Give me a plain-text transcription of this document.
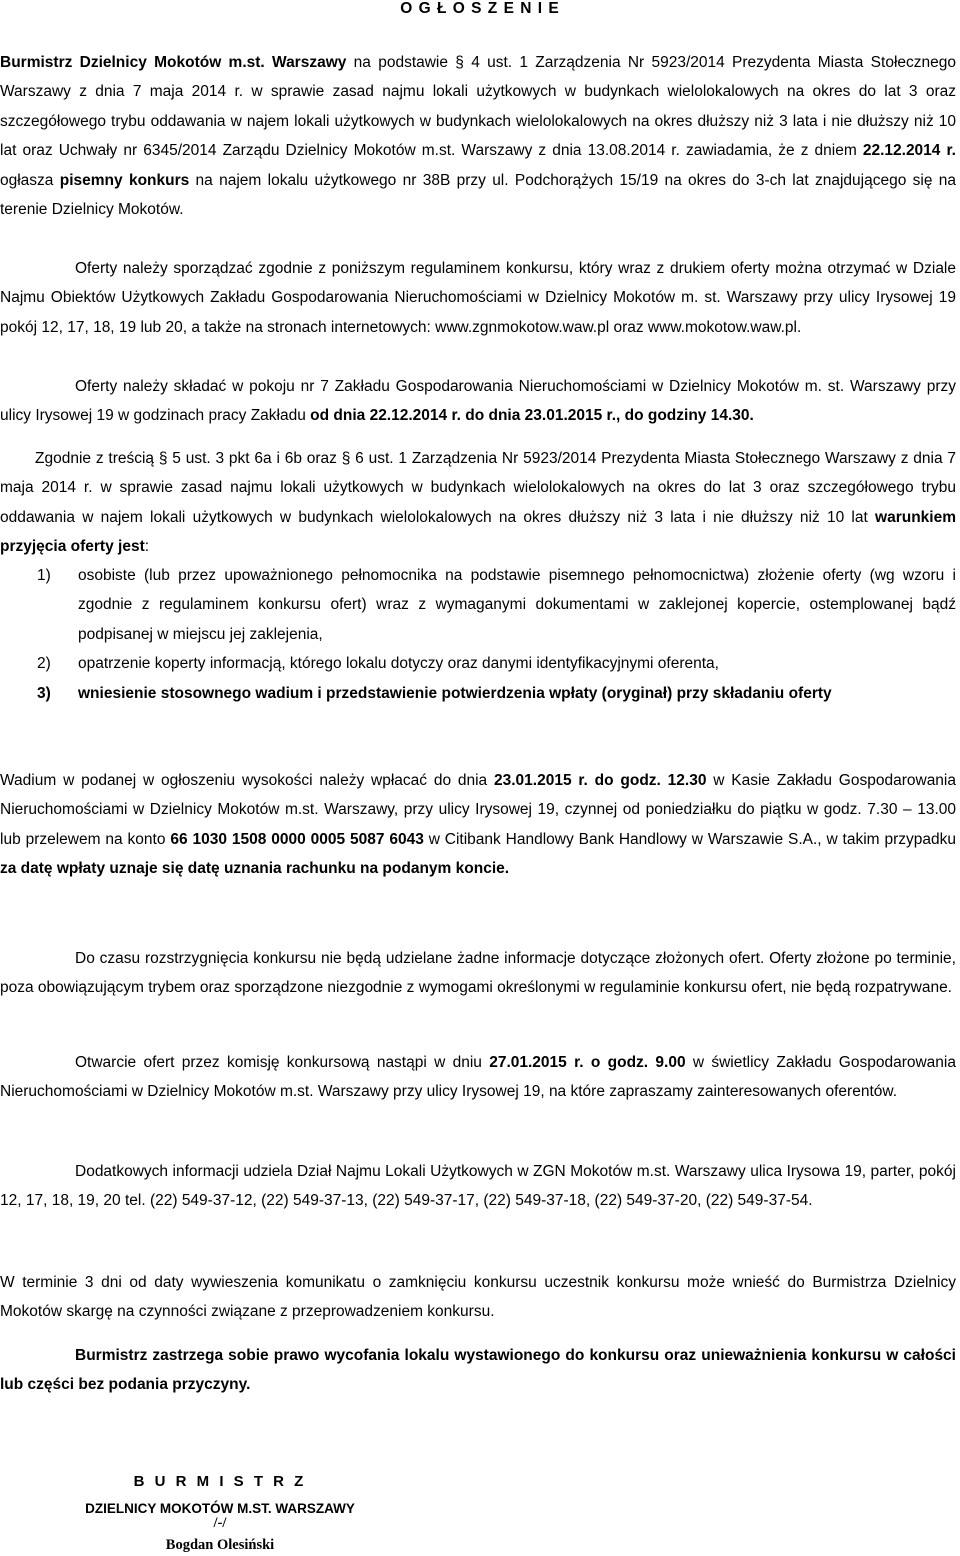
O G Ł O S Z E N I E

Burmistrz Dzielnicy Mokotów m.st. Warszawy na podstawie § 4 ust. 1 Zarządzenia Nr 5923/2014 Prezydenta Miasta Stołecznego Warszawy z dnia 7 maja 2014 r. w sprawie zasad najmu lokali użytkowych w budynkach wielolokalowych na okres do lat 3 oraz szczegółowego trybu oddawania w najem lokali użytkowych w budynkach wielolokalowych na okres dłuższy niż 3 lata i nie dłuższy niż 10 lat oraz Uchwały nr 6345/2014 Zarządu Dzielnicy Mokotów m.st. Warszawy z dnia 13.08.2014 r. zawiadamia, że z dniem 22.12.2014 r. ogłasza pisemny konkurs na najem lokalu użytkowego nr 38B przy ul. Podchorążych 15/19 na okres do 3-ch lat znajdującego się na terenie Dzielnicy Mokotów.

Oferty należy sporządzać zgodnie z poniższym regulaminem konkursu, który wraz z drukiem oferty można otrzymać w Dziale Najmu Obiektów Użytkowych Zakładu Gospodarowania Nieruchomościami w Dzielnicy Mokotów m. st. Warszawy przy ulicy Irysowej 19 pokój 12, 17, 18, 19 lub 20, a także na stronach internetowych: www.zgnmokotow.waw.pl oraz www.mokotow.waw.pl.

Oferty należy składać w pokoju nr 7 Zakładu Gospodarowania Nieruchomościami w Dzielnicy Mokotów m. st. Warszawy przy ulicy Irysowej 19 w godzinach pracy Zakładu od dnia 22.12.2014 r. do dnia 23.01.2015 r., do godziny 14.30.

Zgodnie z treścią § 5 ust. 3 pkt 6a i 6b oraz § 6 ust. 1 Zarządzenia Nr 5923/2014 Prezydenta Miasta Stołecznego Warszawy z dnia 7 maja 2014 r. w sprawie zasad najmu lokali użytkowych w budynkach wielolokalowych na okres do lat 3 oraz szczegółowego trybu oddawania w najem lokali użytkowych w budynkach wielolokalowych na okres dłuższy niż 3 lata i nie dłuższy niż 10 lat warunkiem przyjęcia oferty jest:

1) osobiste (lub przez upoważnionego pełnomocnika na podstawie pisemnego pełnomocnictwa) złożenie oferty (wg wzoru i zgodnie z regulaminem konkursu ofert) wraz z wymaganymi dokumentami w zaklejonej kopercie, ostemplowanej bądź podpisanej w miejscu jej zaklejenia,
2) opatrzenie koperty informacją, którego lokalu dotyczy oraz danymi identyfikacyjnymi oferenta,
3) wniesienie stosownego wadium i przedstawienie potwierdzenia wpłaty (oryginał) przy składaniu oferty

Wadium w podanej w ogłoszeniu wysokości należy wpłacać do dnia 23.01.2015 r. do godz. 12.30 w Kasie Zakładu Gospodarowania Nieruchomościami w Dzielnicy Mokotów m.st. Warszawy, przy ulicy Irysowej 19, czynnej od poniedziałku do piątku w godz. 7.30 – 13.00 lub przelewem na konto 66 1030 1508 0000 0005 5087 6043 w Citibank Handlowy Bank Handlowy w Warszawie S.A., w takim przypadku za datę wpłaty uznaje się datę uznania rachunku na podanym koncie.

Do czasu rozstrzygnięcia konkursu nie będą udzielane żadne informacje dotyczące złożonych ofert. Oferty złożone po terminie, poza obowiązującym trybem oraz sporządzone niezgodnie z wymogami określonymi w regulaminie konkursu ofert, nie będą rozpatrywane.

Otwarcie ofert przez komisję konkursową nastąpi w dniu 27.01.2015 r. o godz. 9.00 w świetlicy Zakładu Gospodarowania Nieruchomościami w Dzielnicy Mokotów m.st. Warszawy przy ulicy Irysowej 19, na które zapraszamy zainteresowanych oferentów.

Dodatkowych informacji udziela Dział Najmu Lokali Użytkowych w ZGN Mokotów m.st. Warszawy ulica Irysowa 19, parter, pokój 12, 17, 18, 19, 20 tel. (22) 549-37-12, (22) 549-37-13, (22) 549-37-17, (22) 549-37-18, (22) 549-37-20, (22) 549-37-54.

W terminie 3 dni od daty wywieszenia komunikatu o zamknięciu konkursu uczestnik konkursu może wnieść do Burmistrza Dzielnicy Mokotów skargę na czynności związane z przeprowadzeniem konkursu.

Burmistrz zastrzega sobie prawo wycofania lokalu wystawionego do konkursu oraz unieważnienia konkursu w całości lub części bez podania przyczyny.

B U R M I S T R Z
DZIELNICY MOKOTÓW M.ST. WARSZAWY
/-/
Bogdan Olesiński
